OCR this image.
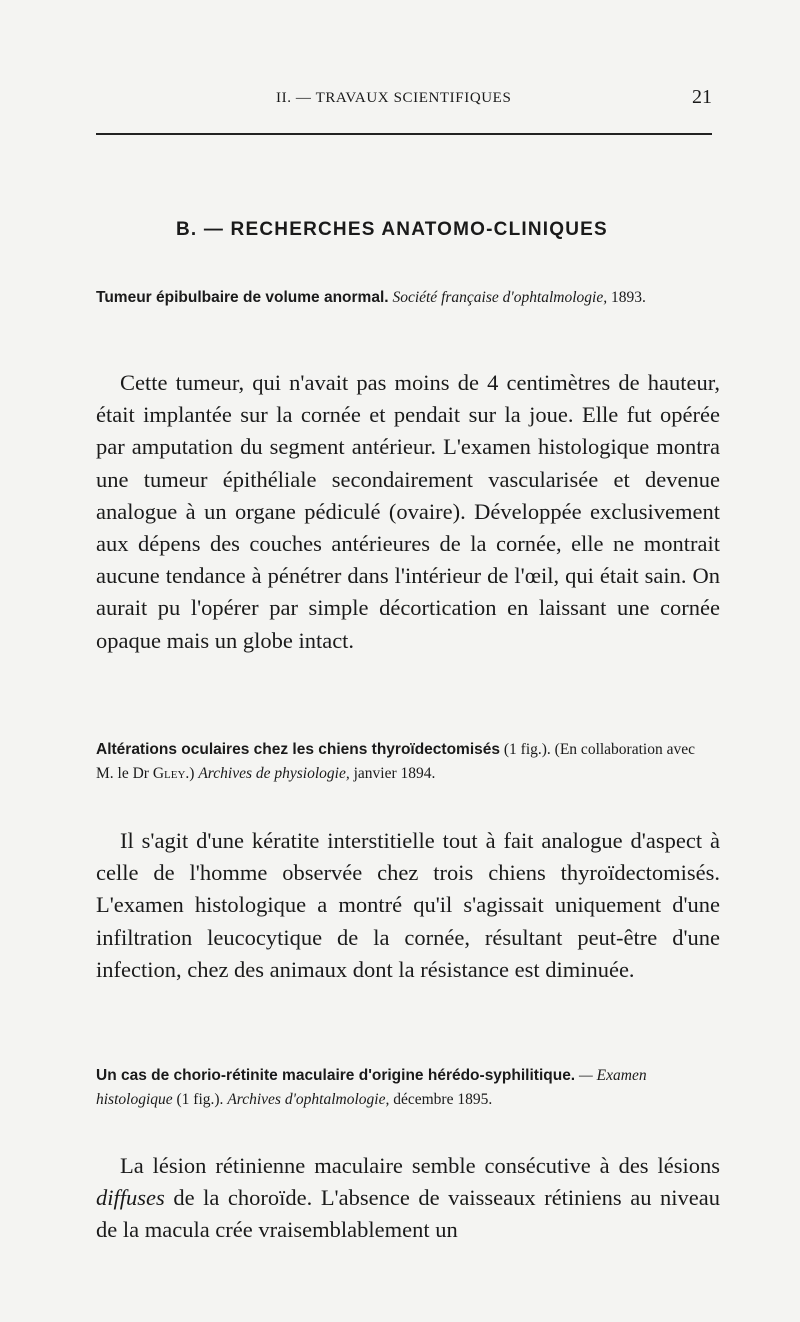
II. — TRAVAUX SCIENTIFIQUES	21
B. — RECHERCHES ANATOMO-CLINIQUES
Tumeur épibulbaire de volume anormal. Société française d'ophtalmologie, 1893.

Cette tumeur, qui n'avait pas moins de 4 centimètres de hauteur, était implantée sur la cornée et pendait sur la joue. Elle fut opérée par amputation du segment antérieur. L'examen histologique montra une tumeur épithéliale secondairement vascularisée et devenue analogue à un organe pédiculé (ovaire). Développée exclusivement aux dépens des couches antérieures de la cornée, elle ne montrait aucune tendance à pénétrer dans l'intérieur de l'œil, qui était sain. On aurait pu l'opérer par simple décortication en laissant une cornée opaque mais un globe intact.

Altérations oculaires chez les chiens thyroïdectomisés (1 fig.). (En collaboration avec M. le Dr Gley.) Archives de physiologie, janvier 1894.

Il s'agit d'une kératite interstitielle tout à fait analogue d'aspect à celle de l'homme observée chez trois chiens thyroïdectomisés. L'examen histologique a montré qu'il s'agissait uniquement d'une infiltration leucocytique de la cornée, résultant peut-être d'une infection, chez des animaux dont la résistance est diminuée.

Un cas de chorio-rétinite maculaire d'origine hérédo-syphilitique. — Examen histologique (1 fig.). Archives d'ophtalmologie, décembre 1895.

La lésion rétinienne maculaire semble consécutive à des lésions diffuses de la choroïde. L'absence de vaisseaux rétiniens au niveau de la macula crée vraisemblablement un
